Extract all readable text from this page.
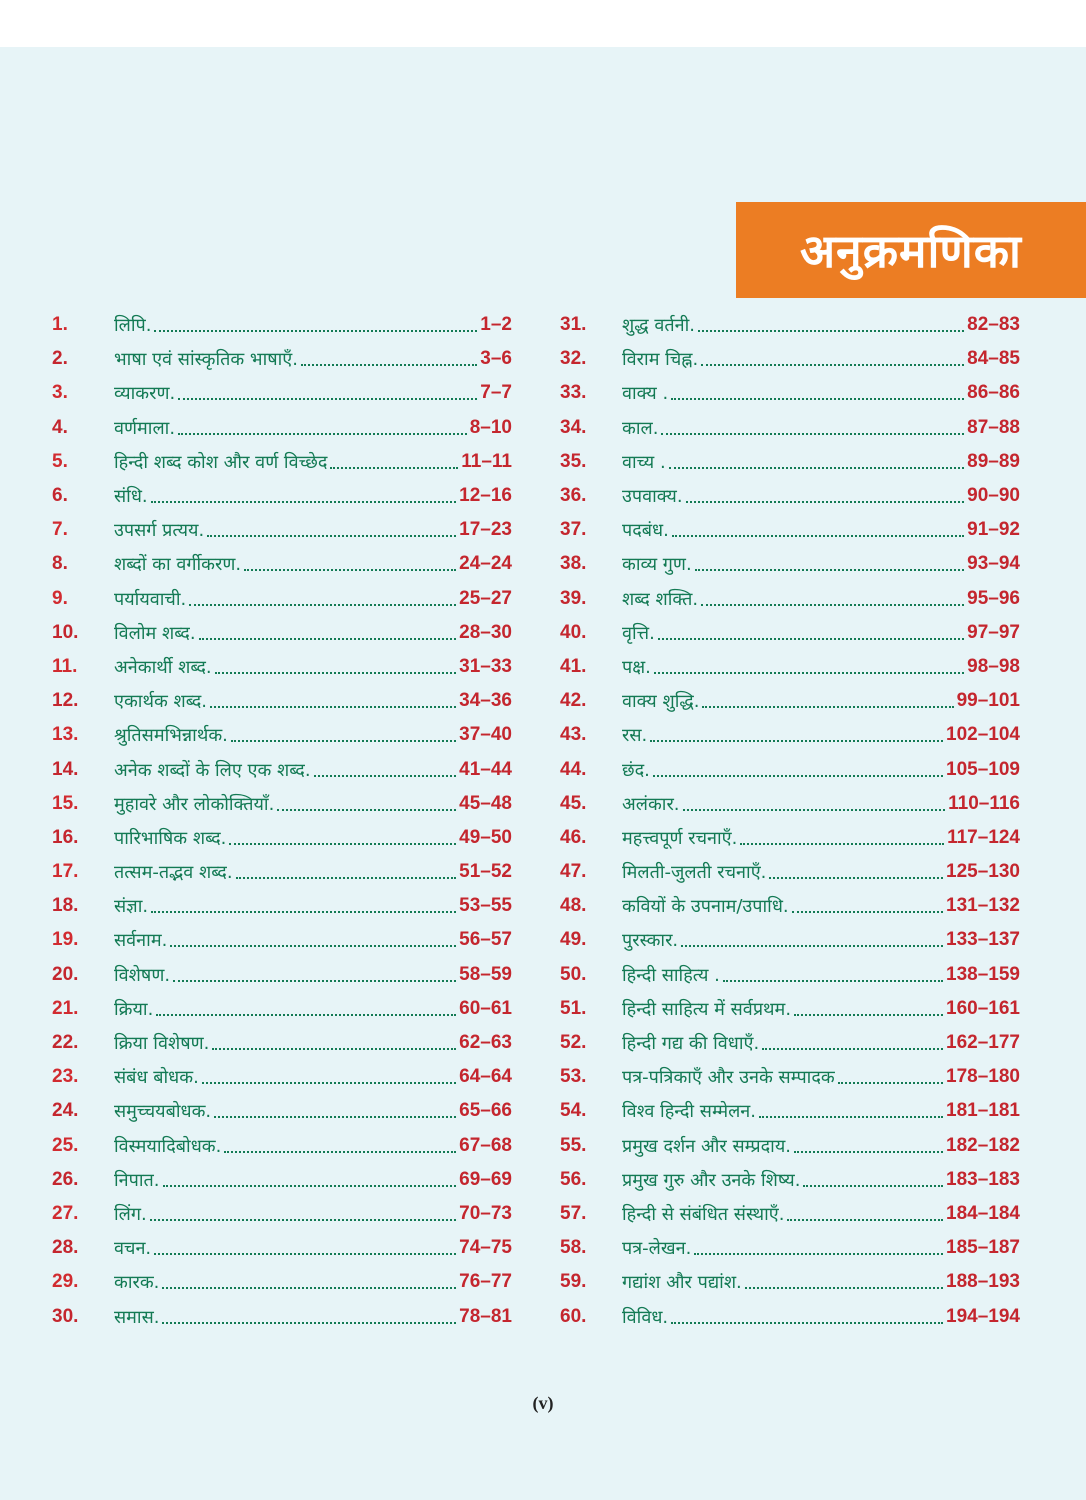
अनुक्रमणिका
1.	लिपि.	1–2
2.	भाषा एवं सांस्कृतिक भाषाएँ.	3–6
3.	व्याकरण.	7–7
4.	वर्णमाला.	8–10
5.	हिन्दी शब्द कोश और वर्ण विच्छेद	11–11
6.	संधि.	12–16
7.	उपसर्ग प्रत्यय.	17–23
8.	शब्दों का वर्गीकरण.	24–24
9.	पर्यायवाची.	25–27
10.	विलोम शब्द.	28–30
11.	अनेकार्थी शब्द.	31–33
12.	एकार्थक शब्द.	34–36
13.	श्रुतिसमभिन्नार्थक.	37–40
14.	अनेक शब्दों के लिए एक शब्द.	41–44
15.	मुहावरे और लोकोक्तियाँ.	45–48
16.	पारिभाषिक शब्द.	49–50
17.	तत्सम-तद्भव शब्द.	51–52
18.	संज्ञा.	53–55
19.	सर्वनाम.	56–57
20.	विशेषण.	58–59
21.	क्रिया.	60–61
22.	क्रिया विशेषण.	62–63
23.	संबंध बोधक.	64–64
24.	समुच्चयबोधक.	65–66
25.	विस्मयादिबोधक.	67–68
26.	निपात.	69–69
27.	लिंग.	70–73
28.	वचन.	74–75
29.	कारक.	76–77
30.	समास.	78–81
31.	शुद्ध वर्तनी.	82–83
32.	विराम चिह्न.	84–85
33.	वाक्य .	86–86
34.	काल.	87–88
35.	वाच्य .	89–89
36.	उपवाक्य.	90–90
37.	पदबंध.	91–92
38.	काव्य गुण.	93–94
39.	शब्द शक्ति.	95–96
40.	वृत्ति.	97–97
41.	पक्ष.	98–98
42.	वाक्य शुद्धि.	99–101
43.	रस.	102–104
44.	छंद.	105–109
45.	अलंकार.	110–116
46.	महत्त्वपूर्ण रचनाएँ.	117–124
47.	मिलती-जुलती रचनाएँ.	125–130
48.	कवियों के उपनाम/उपाधि.	131–132
49.	पुरस्कार.	133–137
50.	हिन्दी साहित्य .	138–159
51.	हिन्दी साहित्य में सर्वप्रथम.	160–161
52.	हिन्दी गद्य की विधाएँ.	162–177
53.	पत्र-पत्रिकाएँ और उनके सम्पादक	178–180
54.	विश्व हिन्दी सम्मेलन.	181–181
55.	प्रमुख दर्शन और सम्प्रदाय.	182–182
56.	प्रमुख गुरु और उनके शिष्य.	183–183
57.	हिन्दी से संबंधित संस्थाएँ.	184–184
58.	पत्र-लेखन.	185–187
59.	गद्यांश और पद्यांश.	188–193
60.	विविध.	194–194
(v)
